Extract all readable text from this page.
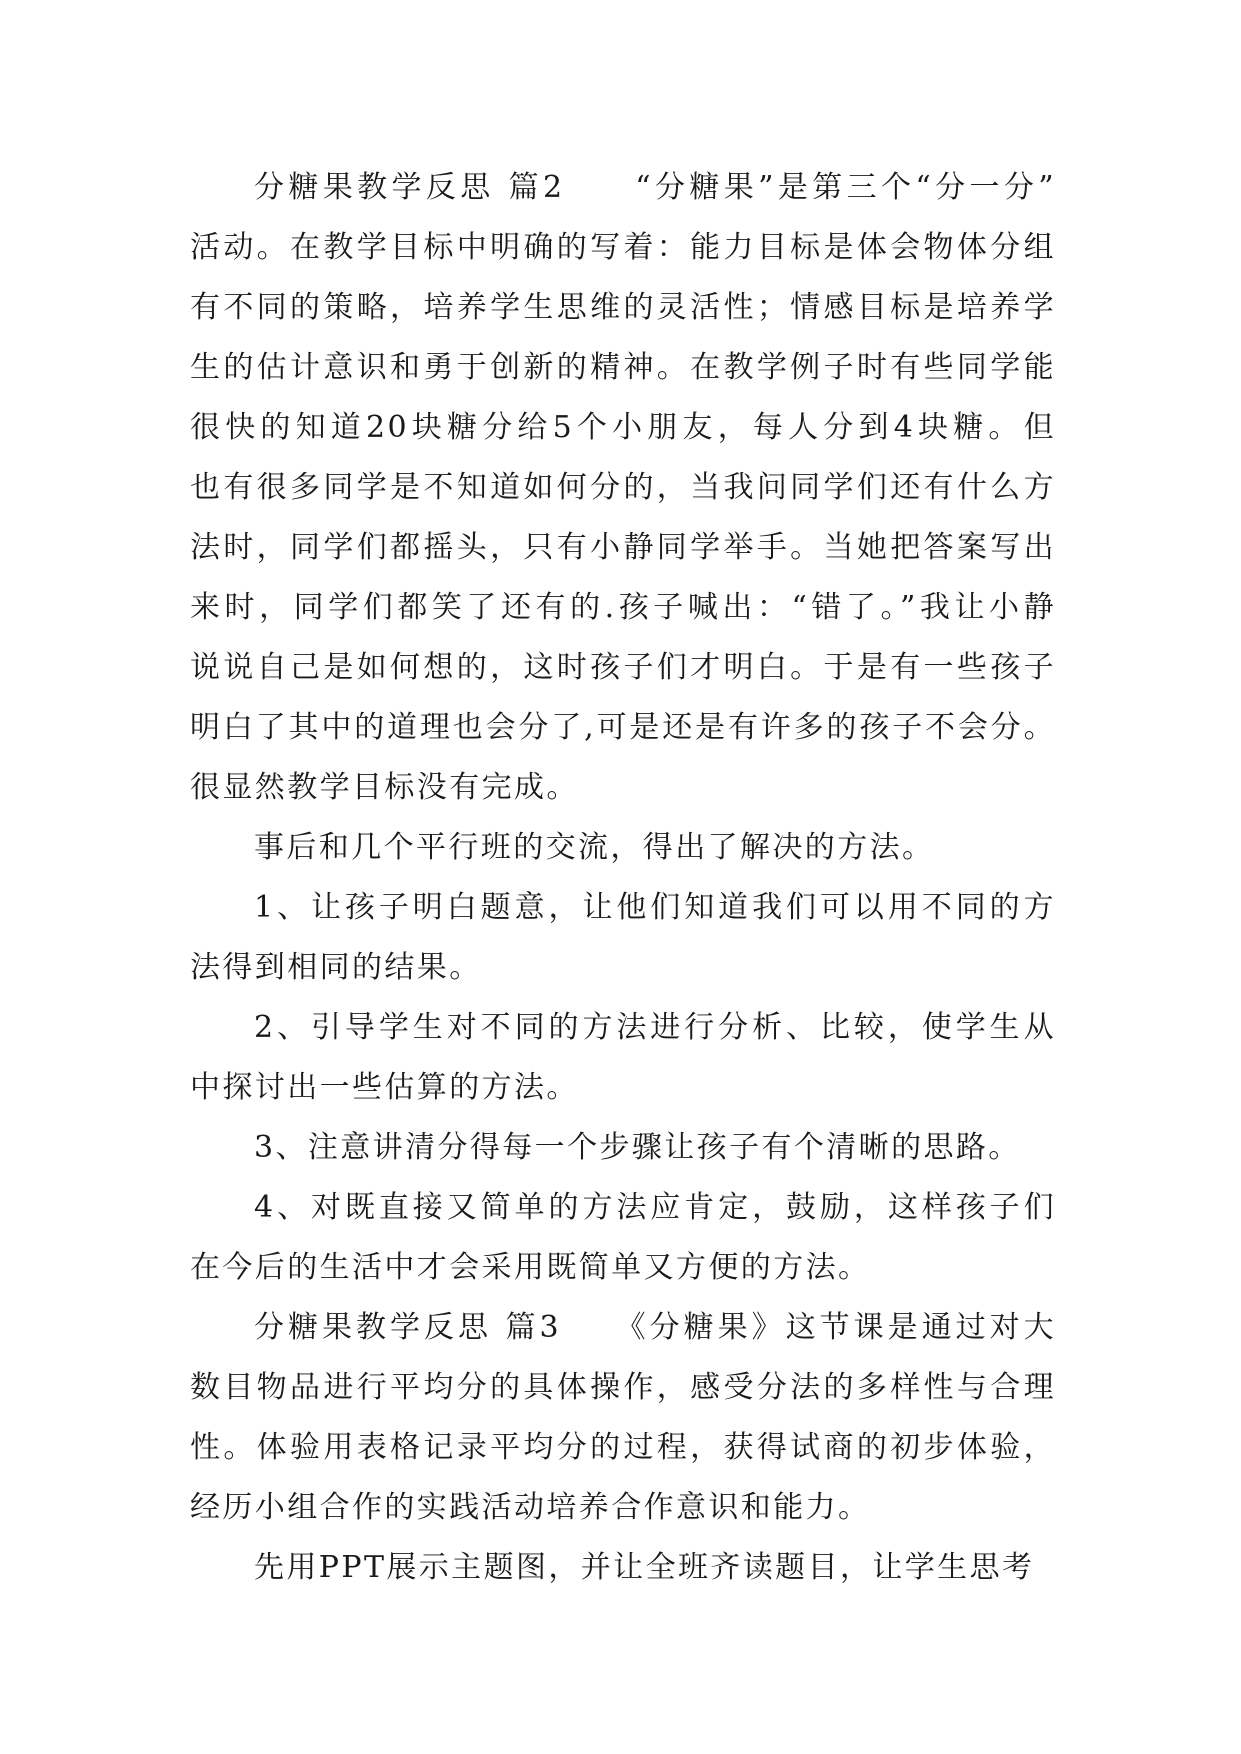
分糖果教学反思 篇2　　“分糖果”是第三个“分一分”
活动。在教学目标中明确的写着：能力目标是体会物体分组
有不同的策略，培养学生思维的灵活性；情感目标是培养学
生的估计意识和勇于创新的精神。在教学例子时有些同学能
很快的知道20块糖分给5个小朋友，每人分到4块糖。但
也有很多同学是不知道如何分的，当我问同学们还有什么方
法时，同学们都摇头，只有小静同学举手。当她把答案写出
来时，同学们都笑了还有的.孩子喊出：“错了。”我让小静
说说自己是如何想的，这时孩子们才明白。于是有一些孩子
明白了其中的道理也会分了,可是还是有许多的孩子不会分。
很显然教学目标没有完成。
事后和几个平行班的交流，得出了解决的方法。
1、让孩子明白题意，让他们知道我们可以用不同的方
法得到相同的结果。
2、引导学生对不同的方法进行分析、比较，使学生从
中探讨出一些估算的方法。
3、注意讲清分得每一个步骤让孩子有个清晰的思路。
4、对既直接又简单的方法应肯定，鼓励，这样孩子们
在今后的生活中才会采用既简单又方便的方法。
分糖果教学反思 篇3　　《分糖果》这节课是通过对大
数目物品进行平均分的具体操作，感受分法的多样性与合理
性。体验用表格记录平均分的过程，获得试商的初步体验，
经历小组合作的实践活动培养合作意识和能力。
先用PPT展示主题图，并让全班齐读题目，让学生思考
